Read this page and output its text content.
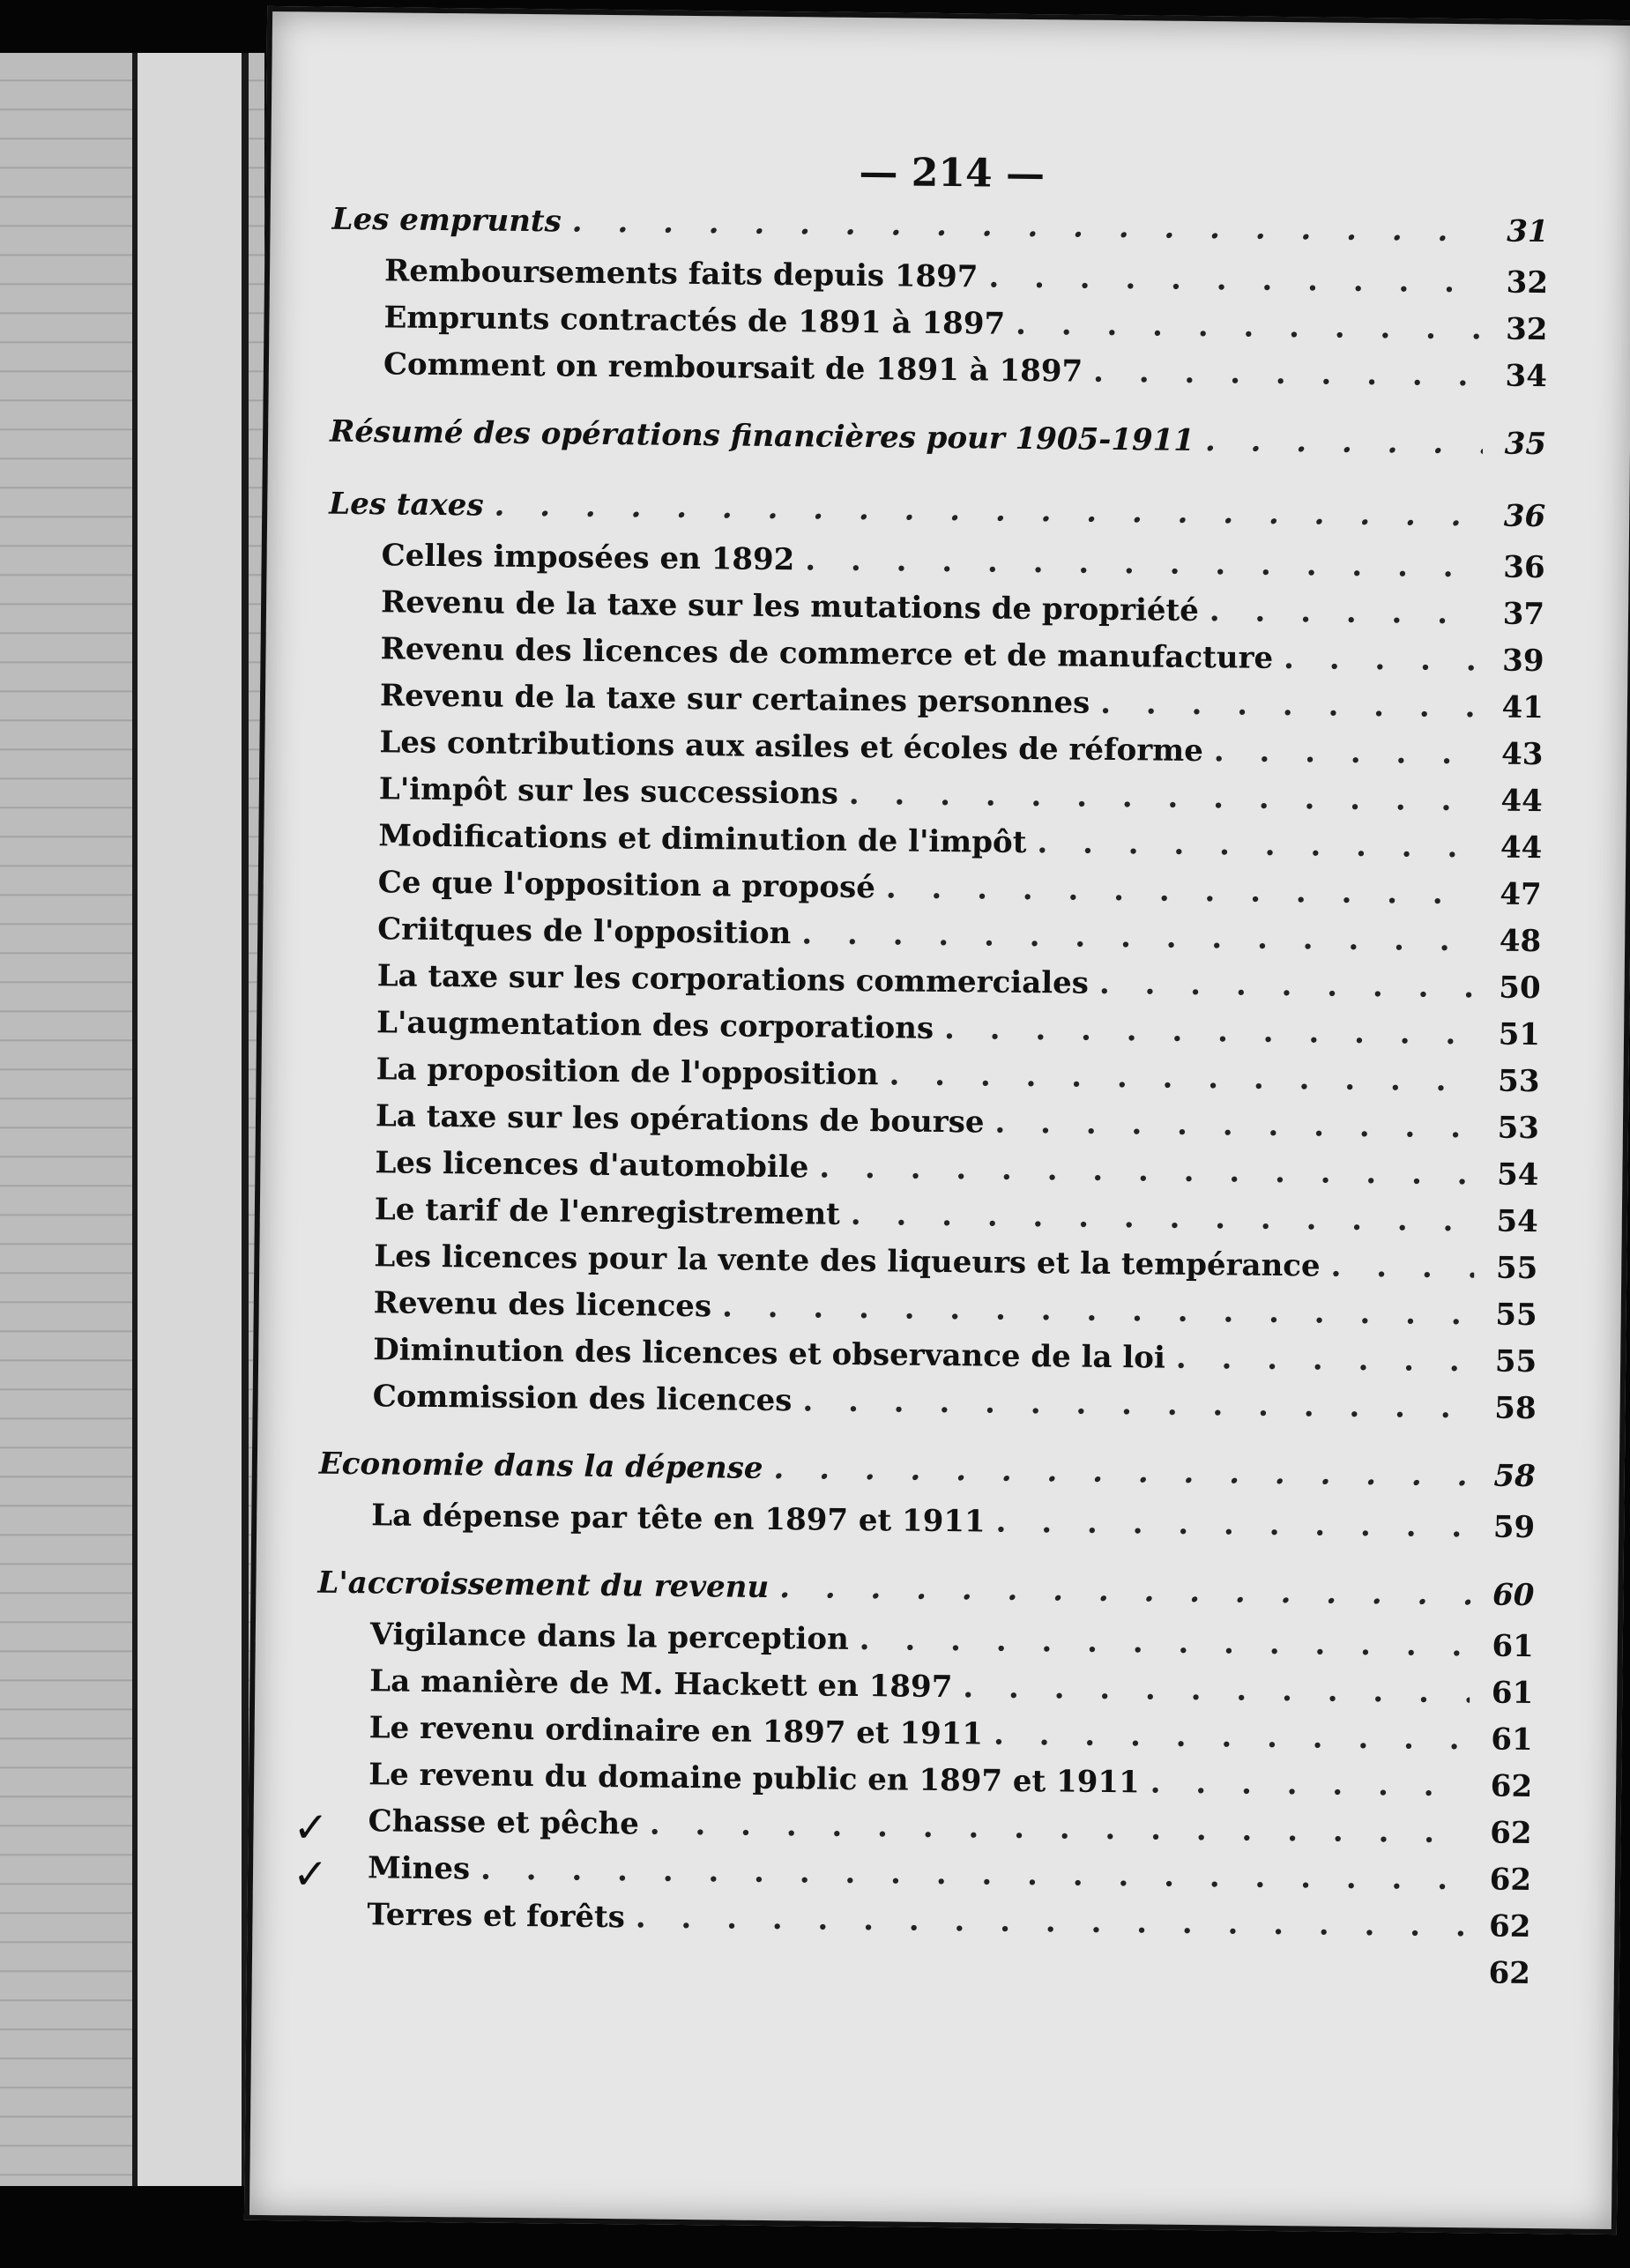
— 214 —
Les emprunts . . .	31
Remboursements faits depuis 1897 . . .	32
Emprunts contractés de 1891 à 1897 . . .	32
Comment on remboursait de 1891 à 1897 . . .	34
Résumé des opérations financières pour 1905-1911 . . .	35
Les taxes . . .	36
Celles imposées en 1892 . . .	36
Revenu de la taxe sur les mutations de propriété . . .	37
Revenu des licences de commerce et de manufacture . . .	39
Revenu de la taxe sur certaines personnes . . .	41
Les contributions aux asiles et écoles de réforme . . .	43
L'impôt sur les successions . . .	44
Modifications et diminution de l'impôt . . .	44
Ce que l'opposition a proposé . . .	47
Criitques de l'opposition . . .	48
La taxe sur les corporations commerciales . . .	50
L'augmentation des corporations . . .	51
La proposition de l'opposition . . .	53
La taxe sur les opérations de bourse . . .	53
Les licences d'automobile . . .	54
Le tarif de l'enregistrement . . .	54
Les licences pour la vente des liqueurs et la tempérance . . .	55
Revenu des licences . . .	55
Diminution des licences et observance de la loi . . .	55
Commission des licences . . .	58
Economie dans la dépense . . .	58
La dépense par tête en 1897 et 1911 . . .	59
L'accroissement du revenu . . .	60
Vigilance dans la perception . . .	61
La manière de M. Hackett en 1897 . . .	61
Le revenu ordinaire en 1897 et 1911 . . .	61
Le revenu du domaine public en 1897 et 1911 . . .	62
✓ Chasse et pêche . . .	62
✓ Mines . . .	62
Terres et forêts . . .	62
62
